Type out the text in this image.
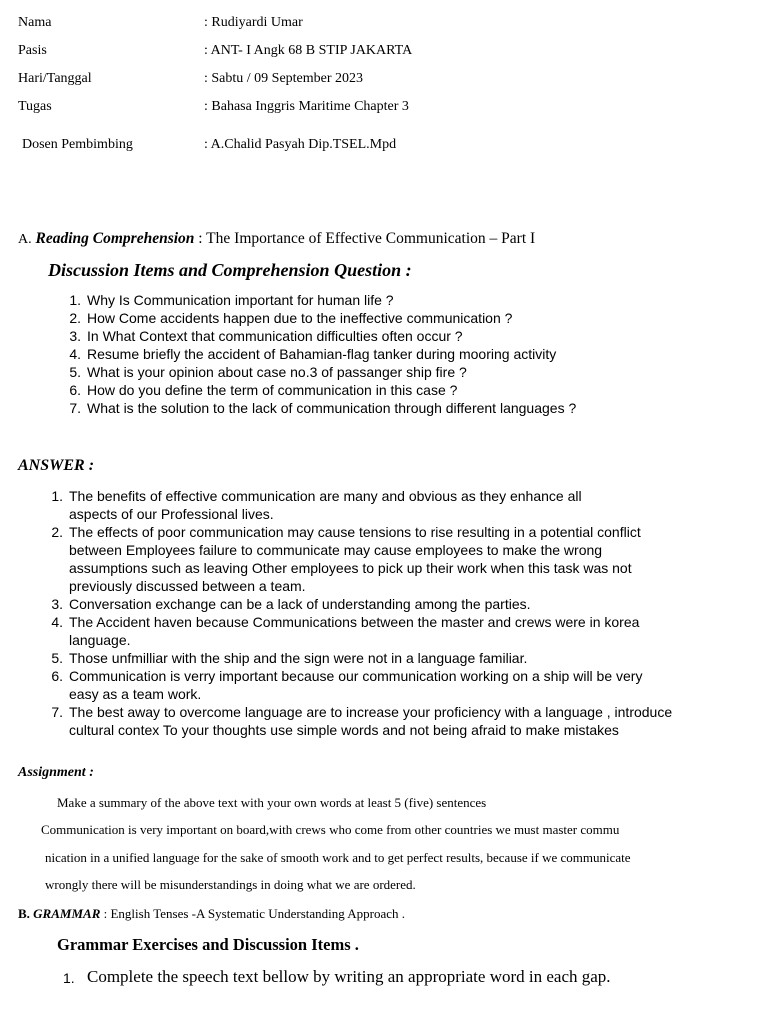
Nama	: Rudiyardi Umar
Pasis	: ANT- I Angk 68 B STIP JAKARTA
Hari/Tanggal	: Sabtu / 09 September 2023
Tugas	: Bahasa Inggris Maritime Chapter 3
Dosen Pembimbing	: A.Chalid Pasyah Dip.TSEL.Mpd
A. Reading Comprehension : The Importance of Effective Communication – Part I
Discussion Items and Comprehension Question :
1. Why Is Communication important for human life ?
2. How Come accidents happen due to the ineffective communication ?
3. In What Context that communication difficulties often occur ?
4. Resume briefly the accident of Bahamian-flag tanker during mooring activity
5. What is your opinion about case no.3 of passanger ship fire ?
6. How do you define the term of communication in this case ?
7. What is the solution to the lack of communication through different languages ?
ANSWER :
1. The benefits of effective communication are many and obvious as they enhance all
aspects of our Professional lives.
2. The effects of poor communication may cause tensions to rise resulting in a potential conflict
between Employees failure to communicate may cause employees to make the wrong
assumptions such as leaving Other employees to pick up their work when this task was not
previously discussed between a team.
3. Conversation exchange can be a lack of understanding among the parties.
4. The Accident haven because Communications between the master and crews were in korea
language.
5. Those unfmilliar with the ship and the sign were not in a language familiar.
6. Communication is verry important because our communication working on a ship will be very
easy as a team work.
7. The best away to overcome language are to increase your proficiency with a language , introduce
cultural contex To your thoughts use simple words and not being afraid to make mistakes
Assignment :
Make a summary of the above text with your own words at least 5 (five) sentences
Communication is very important on board,with crews who come from other countries we must master commu
nication in a unified language for the sake of smooth work and to get perfect results, because if we communicate
wrongly there will be misunderstandings in doing what we are ordered.
B. GRAMMAR : English Tenses -A Systematic Understanding Approach .
Grammar Exercises and Discussion Items .
1. Complete the speech text bellow by writing an appropriate word in each gap.
